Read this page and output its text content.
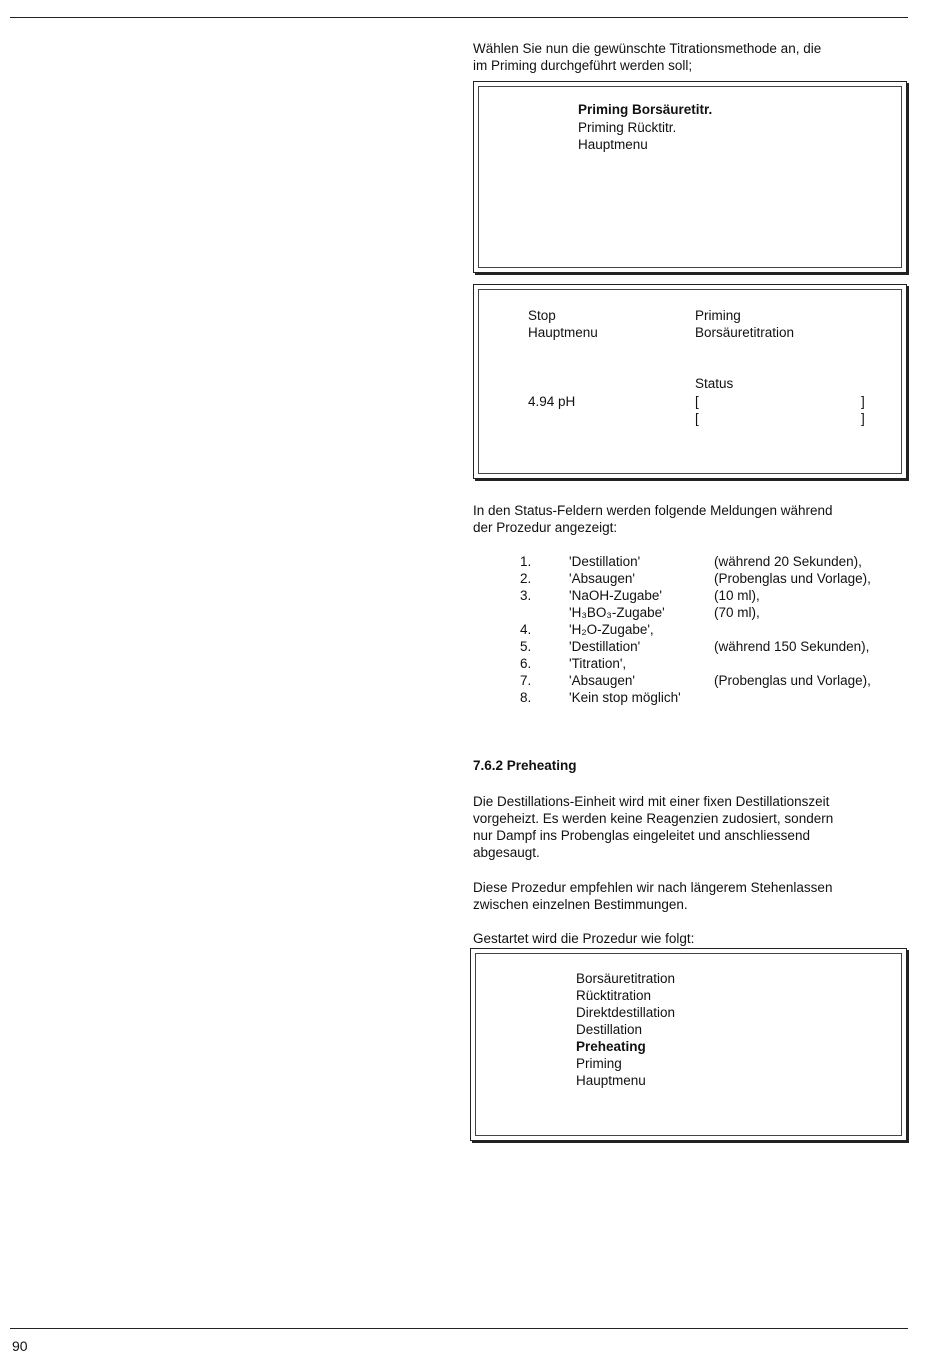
Wählen Sie nun die gewünschte Titrationsmethode an, die
im Priming durchgeführt werden soll;
Priming Borsäuretitr.
Priming Rücktitr.
Hauptmenu
Stop
Hauptmenu
Priming
Borsäuretitration
Status
4.94 pH	[	]
[	]
In den Status-Feldern werden folgende Meldungen während
der Prozedur angezeigt:
1.	'Destillation'	(während 20 Sekunden),
2.	'Absaugen'	(Probenglas und Vorlage),
3.	'NaOH-Zugabe'	(10 ml),
'H₃BO₃-Zugabe'	(70 ml),
4.	'H₂O-Zugabe',
5.	'Destillation'	(während 150 Sekunden),
6.	'Titration',
7.	'Absaugen'	(Probenglas und Vorlage),
8.	'Kein stop möglich'
7.6.2 Preheating
Die Destillations-Einheit wird mit einer fixen Destillationszeit
vorgeheizt. Es werden keine Reagenzien zudosiert, sondern
nur Dampf ins Probenglas eingeleitet und anschliessend
abgesaugt.
Diese Prozedur empfehlen wir nach längerem Stehenlassen
zwischen einzelnen Bestimmungen.
Gestartet wird die Prozedur wie folgt:
Borsäuretitration
Rücktitration
Direktdestillation
Destillation
Preheating
Priming
Hauptmenu
90
